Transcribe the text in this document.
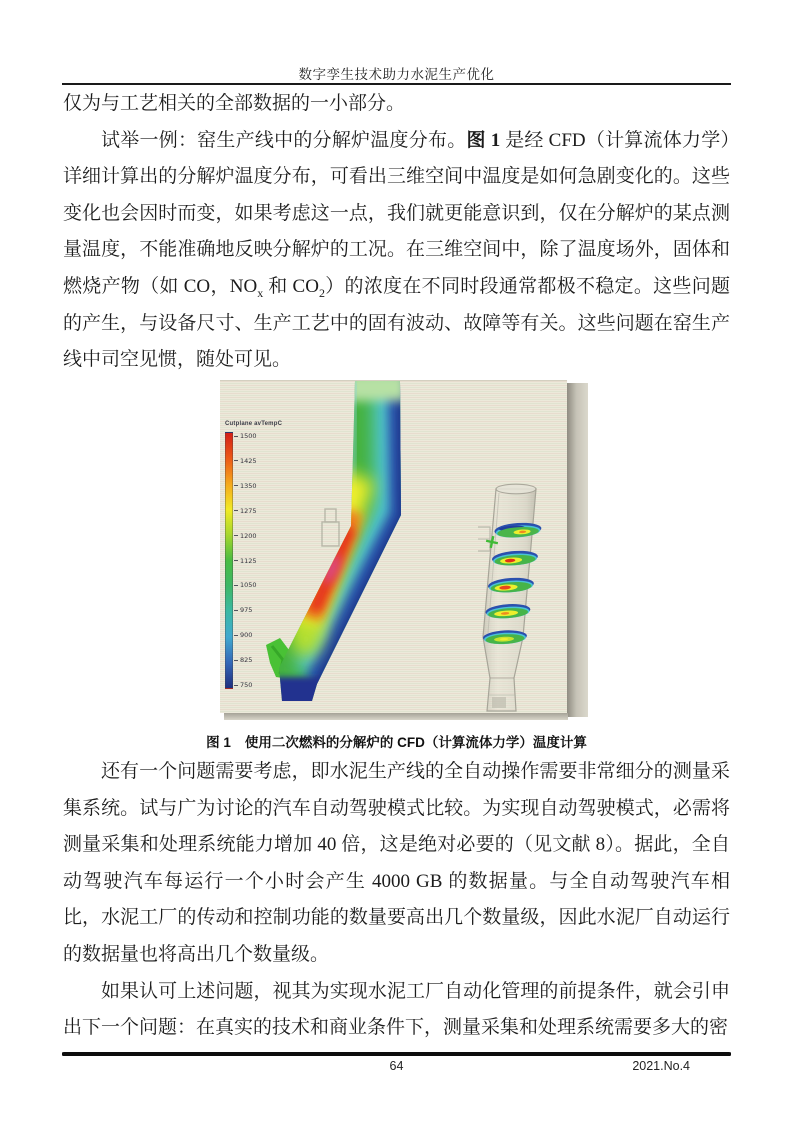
数字孪生技术助力水泥生产优化

仅为与工艺相关的全部数据的一小部分。

试举一例：窑生产线中的分解炉温度分布。图 1 是经 CFD（计算流体力学）详细计算出的分解炉温度分布，可看出三维空间中温度是如何急剧变化的。这些变化也会因时而变，如果考虑这一点，我们就更能意识到，仅在分解炉的某点测量温度，不能准确地反映分解炉的工况。在三维空间中，除了温度场外，固体和燃烧产物（如 CO，$NO_x$ 和 $CO_2$）的浓度在不同时段通常都极不稳定。这些问题的产生，与设备尺寸、生产工艺中的固有波动、故障等有关。这些问题在窑生产线中司空见惯，随处可见。

Cutplane avTempC
1500
1425
1350
1275
1200
1125
1050
975
900
825
750
图 1 使用二次燃料的分解炉的 CFD（计算流体力学）温度计算

还有一个问题需要考虑，即水泥生产线的全自动操作需要非常细分的测量采集系统。试与广为讨论的汽车自动驾驶模式比较。为实现自动驾驶模式，必需将测量采集和处理系统能力增加 40 倍，这是绝对必要的（见文献 8）。据此，全自动驾驶汽车每运行一个小时会产生 4000 GB 的数据量。与全自动驾驶汽车相比，水泥工厂的传动和控制功能的数量要高出几个数量级，因此水泥厂自动运行的数据量也将高出几个数量级。

如果认可上述问题，视其为实现水泥工厂自动化管理的前提条件，就会引申出下一个问题：在真实的技术和商业条件下，测量采集和处理系统需要多大的密

64	2021.No.4
